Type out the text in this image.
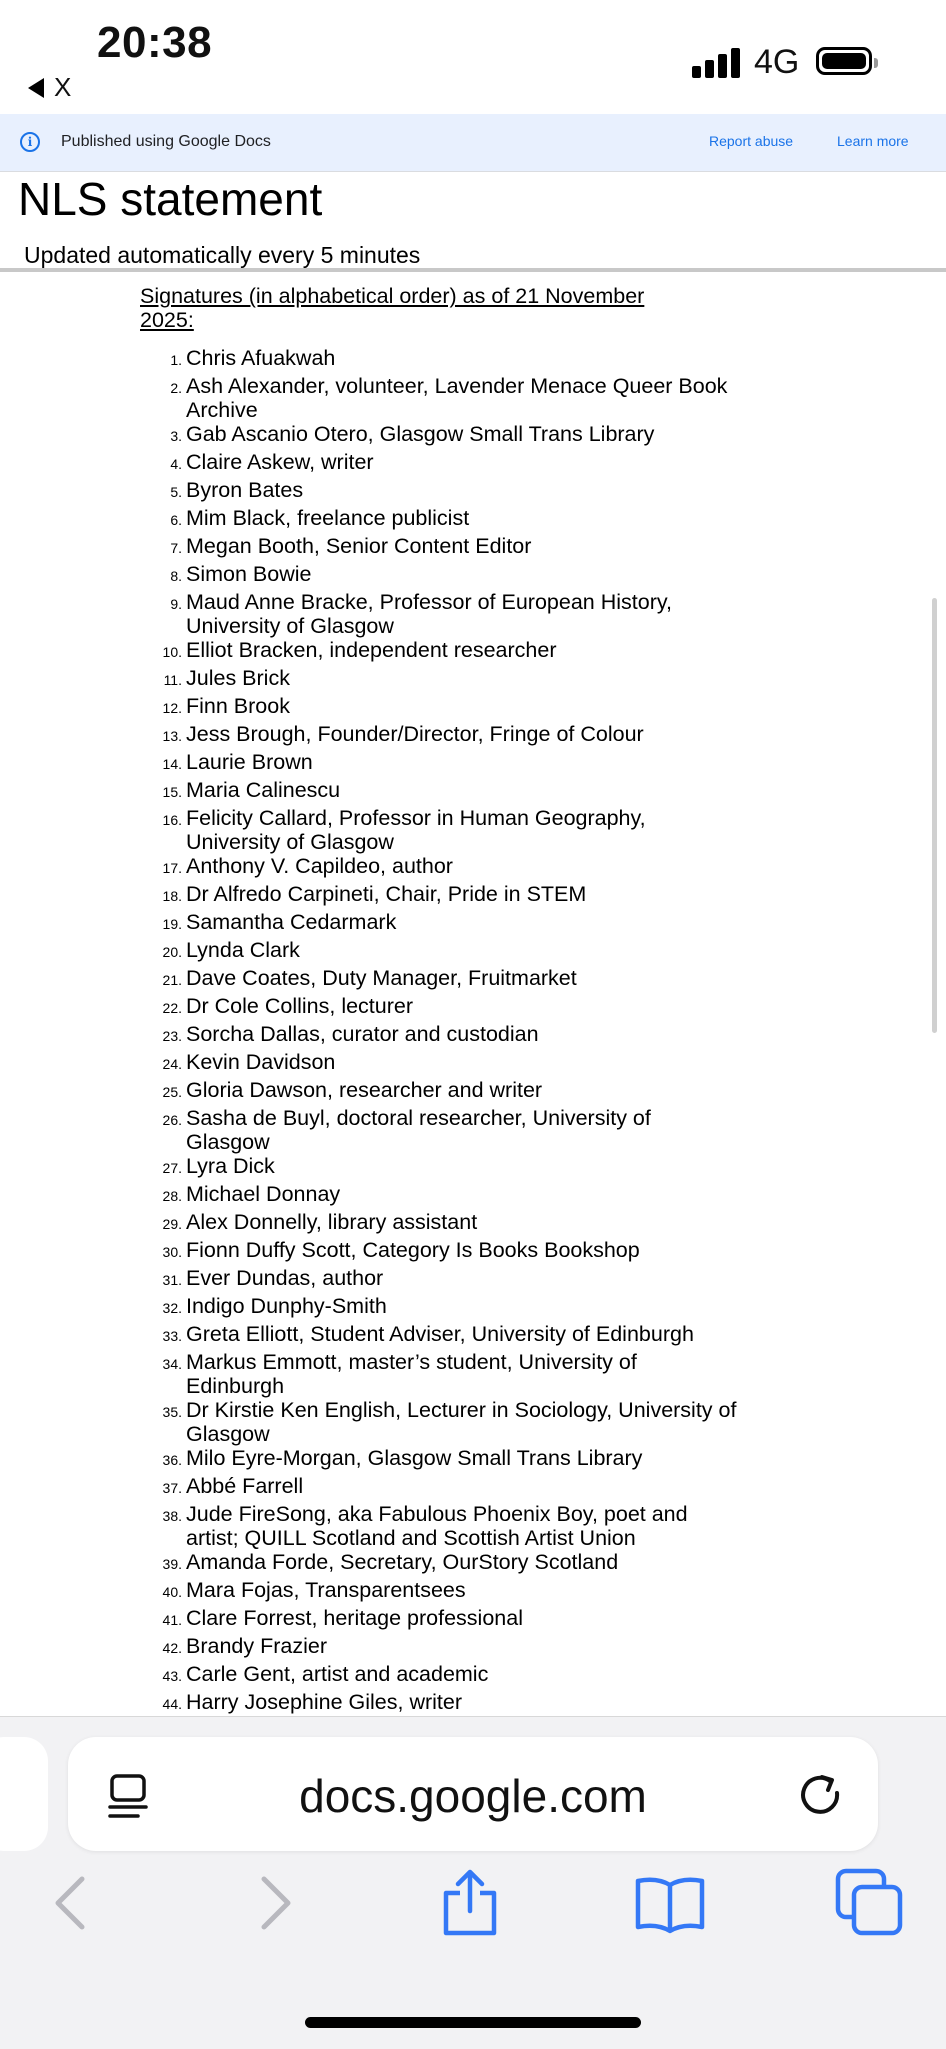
20:38
X
4G
i	Published using Google Docs	Report abuse	Learn more
NLS statement
Updated automatically every 5 minutes
Signatures (in alphabetical order) as of 21 November 2025:
1. Chris Afuakwah
2. Ash Alexander, volunteer, Lavender Menace Queer Book Archive
3. Gab Ascanio Otero, Glasgow Small Trans Library
4. Claire Askew, writer
5. Byron Bates
6. Mim Black, freelance publicist
7. Megan Booth, Senior Content Editor
8. Simon Bowie
9. Maud Anne Bracke, Professor of European History, University of Glasgow
10. Elliot Bracken, independent researcher
11. Jules Brick
12. Finn Brook
13. Jess Brough, Founder/Director, Fringe of Colour
14. Laurie Brown
15. Maria Calinescu
16. Felicity Callard, Professor in Human Geography, University of Glasgow
17. Anthony V. Capildeo, author
18. Dr Alfredo Carpineti, Chair, Pride in STEM
19. Samantha Cedarmark
20. Lynda Clark
21. Dave Coates, Duty Manager, Fruitmarket
22. Dr Cole Collins, lecturer
23. Sorcha Dallas, curator and custodian
24. Kevin Davidson
25. Gloria Dawson, researcher and writer
26. Sasha de Buyl, doctoral researcher, University of Glasgow
27. Lyra Dick
28. Michael Donnay
29. Alex Donnelly, library assistant
30. Fionn Duffy Scott, Category Is Books Bookshop
31. Ever Dundas, author
32. Indigo Dunphy-Smith
33. Greta Elliott, Student Adviser, University of Edinburgh
34. Markus Emmott, master’s student, University of Edinburgh
35. Dr Kirstie Ken English, Lecturer in Sociology, University of Glasgow
36. Milo Eyre-Morgan, Glasgow Small Trans Library
37. Abbé Farrell
38. Jude FireSong, aka Fabulous Phoenix Boy, poet and artist; QUILL Scotland and Scottish Artist Union
39. Amanda Forde, Secretary, OurStory Scotland
40. Mara Fojas, Transparentsees
41. Clare Forrest, heritage professional
42. Brandy Frazier
43. Carle Gent, artist and academic
44. Harry Josephine Giles, writer
docs.google.com
